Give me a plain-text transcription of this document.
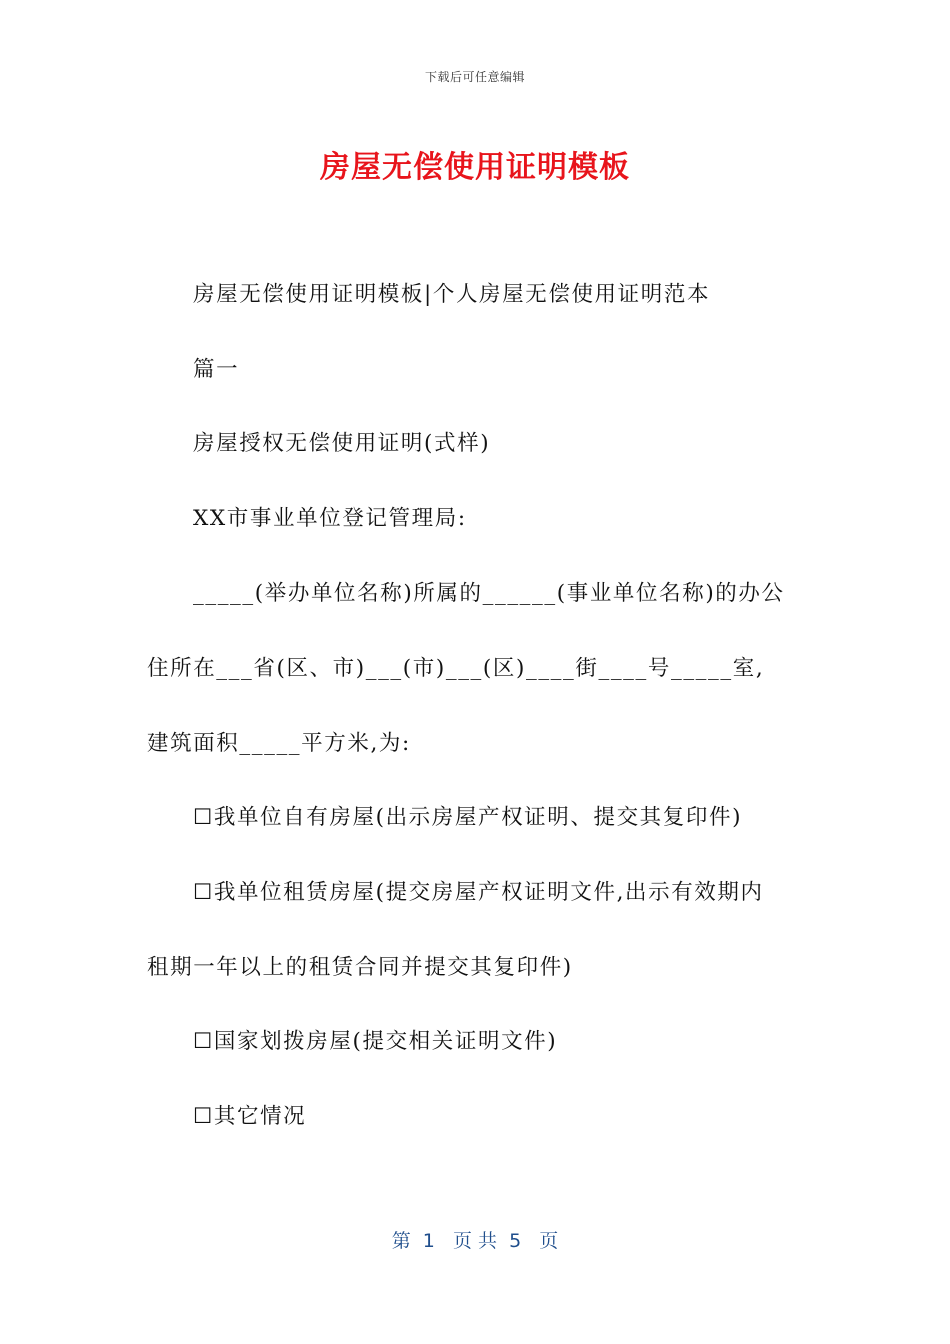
下载后可任意编辑
房屋无偿使用证明模板
房屋无偿使用证明模板|个人房屋无偿使用证明范本
篇一
房屋授权无偿使用证明(式样)
XX市事业单位登记管理局:
_____(举办单位名称)所属的______(事业单位名称)的办公
住所在___省(区、市)___(市)___(区)____街____号_____室,
建筑面积_____平方米,为:
☐我单位自有房屋(出示房屋产权证明、提交其复印件)
☐我单位租赁房屋(提交房屋产权证明文件,出示有效期内
租期一年以上的租赁合同并提交其复印件)
☐国家划拨房屋(提交相关证明文件)
☐其它情况
第  1   页 共  5   页
